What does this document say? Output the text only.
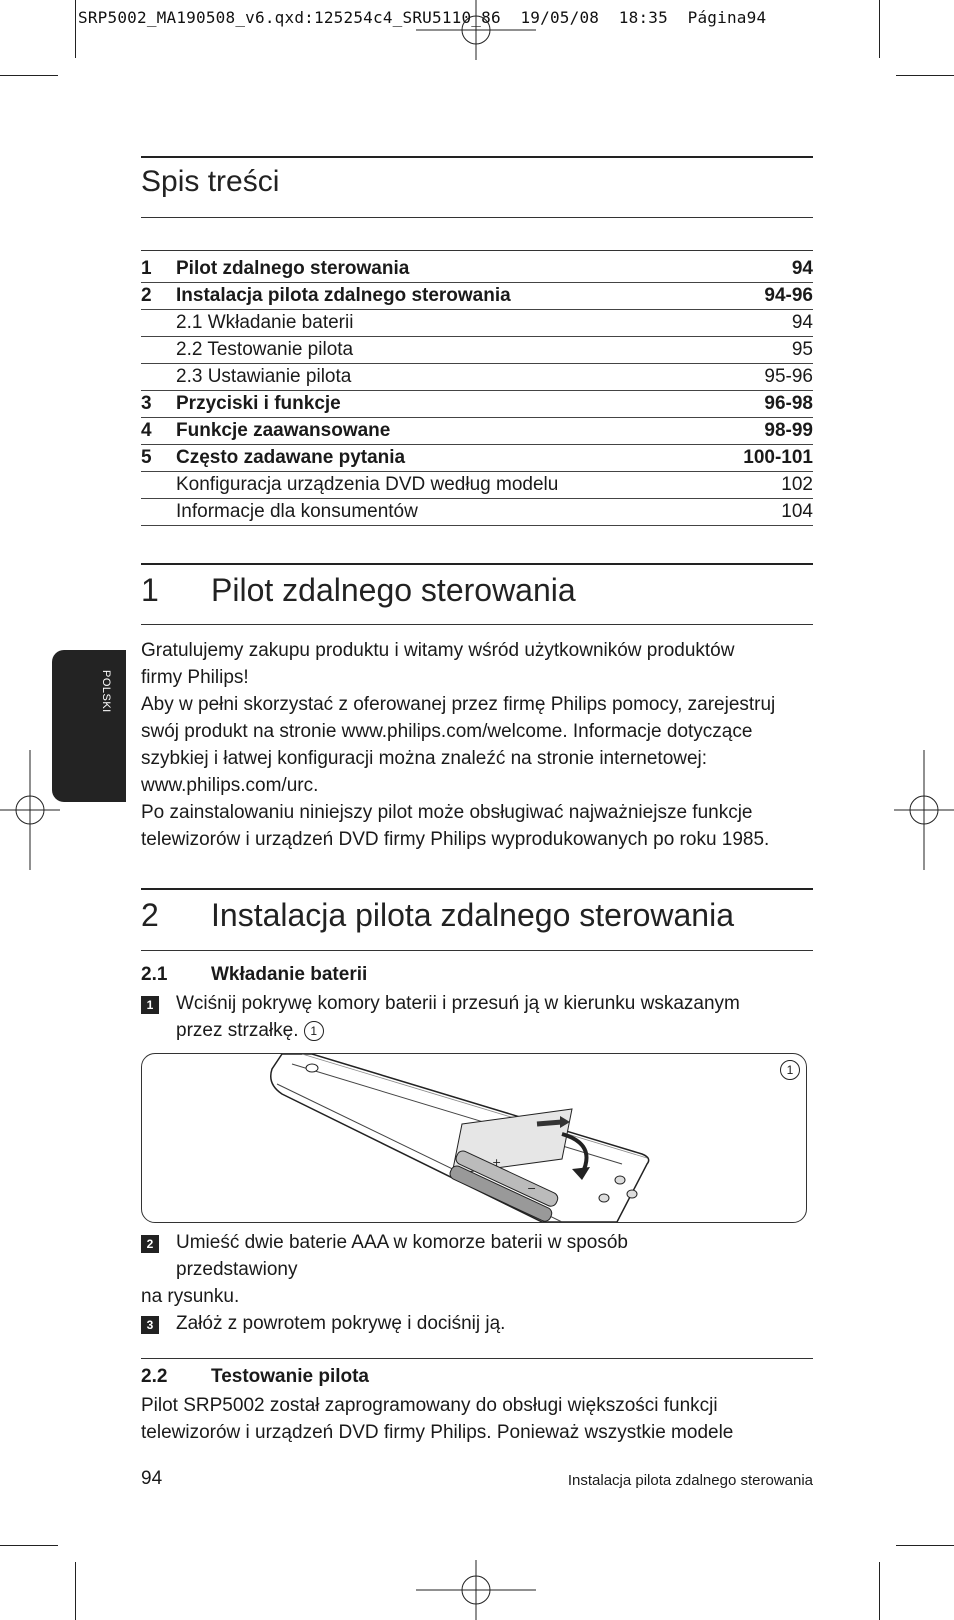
SRP5002_MA190508_v6.qxd:125254c4_SRU5110_86  19/05/08  18:35  Página94
Spis treści
1 Pilot zdalnego sterowania	94
2 Instalacja pilota zdalnego sterowania	94-96
2.1 Wkładanie baterii	94
2.2 Testowanie pilota	95
2.3 Ustawianie pilota	95-96
3 Przyciski i funkcje	96-98
4 Funkcje zaawansowane	98-99
5 Często zadawane pytania	100-101
Konfiguracja urządzenia DVD według modelu	102
Informacje dla konsumentów	104
POLSKI
1 Pilot zdalnego sterowania

Gratulujemy zakupu produktu i witamy wśród użytkowników produktów

firmy Philips!

Aby w pełni skorzystać z oferowanej przez firmę Philips pomocy, zarejestruj

swój produkt na stronie www.philips.com/welcome. Informacje dotyczące

szybkiej i łatwej konfiguracji można znaleźć na stronie internetowej:

www.philips.com/urc.

Po zainstalowaniu niniejszy pilot może obsługiwać najważniejsze funkcje

telewizorów i urządzeń DVD firmy Philips wyprodukowanych po roku 1985.

2 Instalacja pilota zdalnego sterowania
2.1 Wkładanie baterii
1 Wciśnij pokrywę komory baterii i przesuń ją w kierunku wskazanym
przez strzałkę. 1
+
−
1
2 Umieść dwie baterie AAA w komorze baterii w sposób
przedstawiony
na rysunku.
3 Załóż z powrotem pokrywę i dociśnij ją.
2.2 Testowanie pilota

Pilot SRP5002 został zaprogramowany do obsługi większości funkcji

telewizorów i urządzeń DVD firmy Philips. Ponieważ wszystkie modele

94	Instalacja pilota zdalnego sterowania
